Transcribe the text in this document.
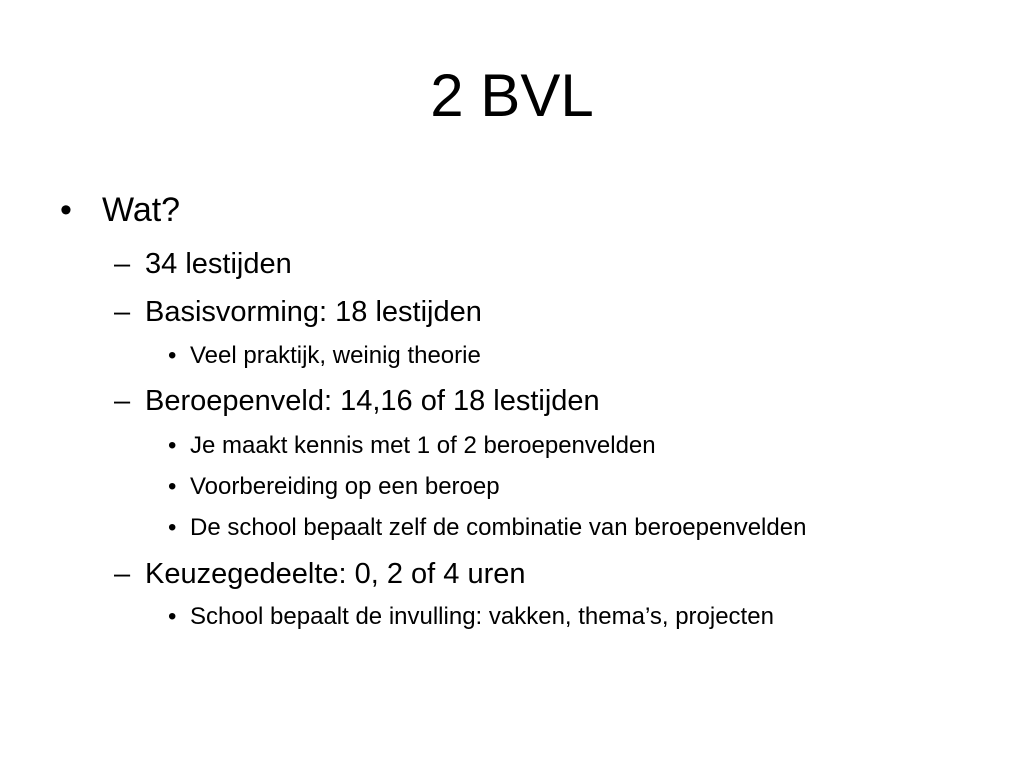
2 BVL
• Wat?
– 34 lestijden
– Basisvorming: 18 lestijden
• Veel praktijk, weinig theorie
– Beroepenveld: 14,16 of 18 lestijden
• Je maakt kennis met 1 of 2 beroepenvelden
• Voorbereiding op een beroep
• De school bepaalt zelf de combinatie van beroepenvelden
– Keuzegedeelte: 0, 2 of 4 uren
• School bepaalt de invulling: vakken, thema’s, projecten
